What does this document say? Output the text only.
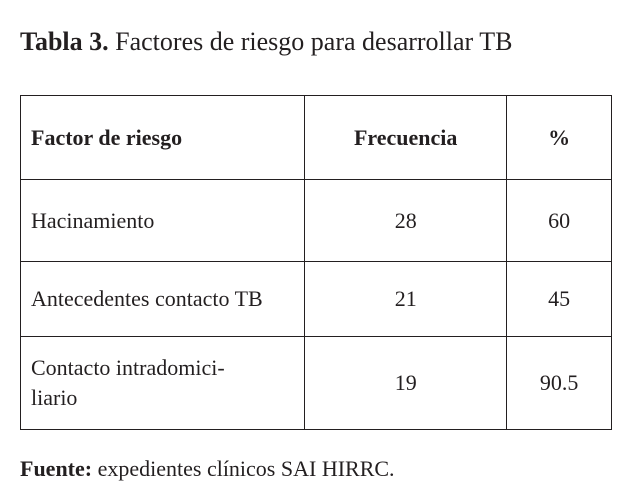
Tabla 3. Factores de riesgo para desarrollar TB
Factor de riesgo	Frecuencia	%

Hacinamiento	28	60

Antecedentes contacto TB	21	45

Contacto intradomici-liario	19	90.5
Fuente: expedientes clínicos SAI HIRRC.
